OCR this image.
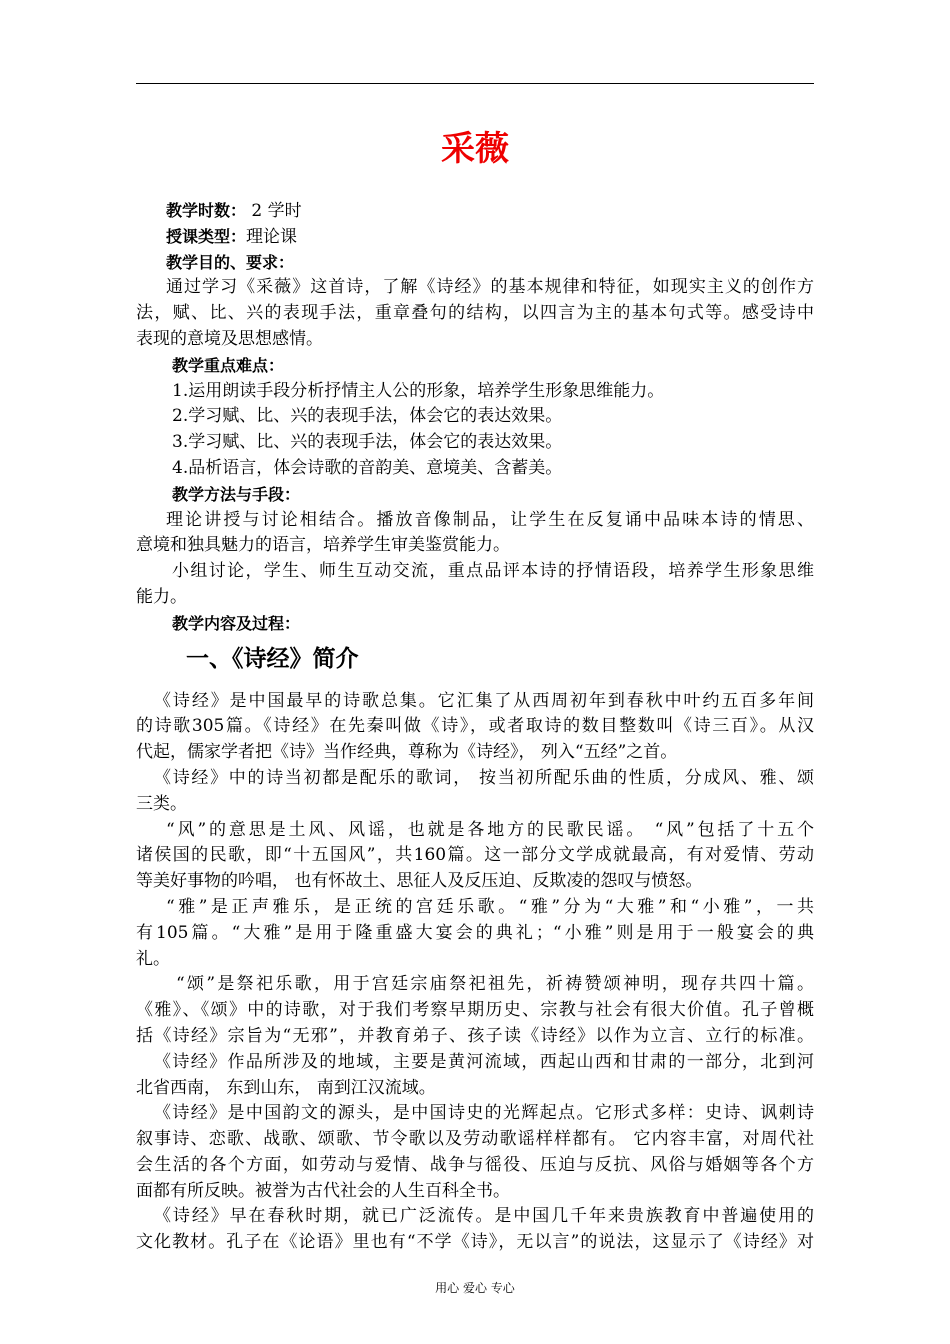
采薇
教学时数： 2 学时
授课类型：理论课
教学目的、要求：
通过学习《采薇》这首诗，了解《诗经》的基本规律和特征，如现实主义的创作方
法，赋、比、兴的表现手法，重章叠句的结构，以四言为主的基本句式等。感受诗中
表现的意境及思想感情。
教学重点难点：
1.运用朗读手段分析抒情主人公的形象，培养学生形象思维能力。
2.学习赋、比、兴的表现手法，体会它的表达效果。
3.学习赋、比、兴的表现手法，体会它的表达效果。
4.品析语言，体会诗歌的音韵美、意境美、含蓄美。
教学方法与手段：
理论讲授与讨论相结合。播放音像制品，让学生在反复诵中品味本诗的情思、
意境和独具魅力的语言，培养学生审美鉴赏能力。
小组讨论，学生、师生互动交流，重点品评本诗的抒情语段，培养学生形象思维
能力。
教学内容及过程：
一、《诗经》简介
《诗经》是中国最早的诗歌总集。它汇集了从西周初年到春秋中叶约五百多年间
的诗歌305篇。《诗经》在先秦叫做《诗》，或者取诗的数目整数叫《诗三百》。从汉
代起，儒家学者把《诗》当作经典，尊称为《诗经》， 列入“五经”之首。
《诗经》中的诗当初都是配乐的歌词， 按当初所配乐曲的性质，分成风、雅、颂
三类。
“风”的意思是土风、风谣，也就是各地方的民歌民谣。 “风”包括了十五个
诸侯国的民歌，即“十五国风”，共160篇。这一部分文学成就最高，有对爱情、劳动
等美好事物的吟唱， 也有怀故土、思征人及反压迫、反欺凌的怨叹与愤怒。
“雅”是正声雅乐，是正统的宫廷乐歌。“雅”分为“大雅”和“小雅”，一共
有105篇。“大雅”是用于隆重盛大宴会的典礼；“小雅”则是用于一般宴会的典
礼。
“颂”是祭祀乐歌，用于宫廷宗庙祭祀祖先，祈祷赞颂神明，现存共四十篇。
《雅》、《颂》中的诗歌，对于我们考察早期历史、宗教与社会有很大价值。孔子曾概
括《诗经》宗旨为“无邪”，并教育弟子、孩子读《诗经》以作为立言、立行的标准。
《诗经》作品所涉及的地域，主要是黄河流域，西起山西和甘肃的一部分，北到河
北省西南， 东到山东， 南到江汉流域。
《诗经》是中国韵文的源头，是中国诗史的光辉起点。它形式多样：史诗、讽刺诗
叙事诗、恋歌、战歌、颂歌、节令歌以及劳动歌谣样样都有。 它内容丰富，对周代社
会生活的各个方面，如劳动与爱情、战争与徭役、压迫与反抗、风俗与婚姻等各个方
面都有所反映。被誉为古代社会的人生百科全书。
《诗经》早在春秋时期，就已广泛流传。是中国几千年来贵族教育中普遍使用的
文化教材。孔子在《论语》里也有“不学《诗》，无以言”的说法，这显示了《诗经》对
用心 爱心 专心
